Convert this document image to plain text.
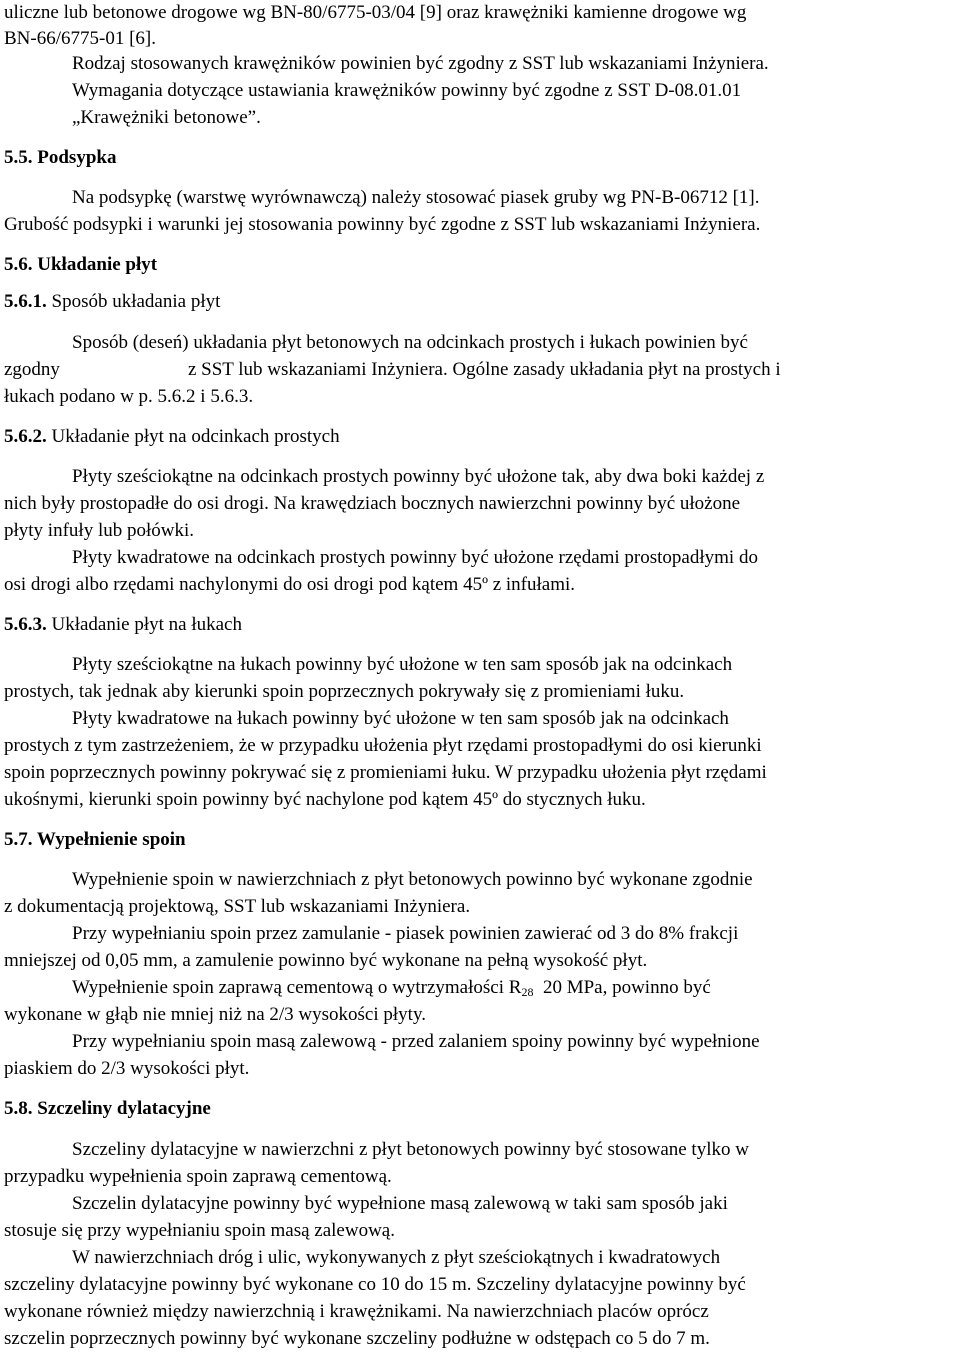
uliczne lub betonowe drogowe wg BN-80/6775-03/04 [9] oraz krawężniki kamienne drogowe wg
BN-66/6775-01 [6].
Rodzaj stosowanych krawężników powinien być zgodny z SST lub wskazaniami Inżyniera.
Wymagania dotyczące ustawiania krawężników powinny być zgodne z SST D-08.01.01
„Krawężniki betonowe”.
5.5. Podsypka
Na podsypkę (warstwę wyrównawczą) należy stosować piasek gruby wg PN-B-06712 [1].
Grubość podsypki i warunki jej stosowania powinny być zgodne z SST lub wskazaniami Inżyniera.
5.6. Układanie płyt
5.6.1. Sposób układania płyt
Sposób (deseń) układania płyt betonowych na odcinkach prostych i łukach powinien być
zgodny	z SST lub wskazaniami Inżyniera. Ogólne zasady układania płyt na prostych i
łukach podano w p. 5.6.2 i 5.6.3.
5.6.2. Układanie płyt na odcinkach prostych
Płyty sześciokątne na odcinkach prostych powinny być ułożone tak, aby dwa boki każdej z
nich były prostopadłe do osi drogi. Na krawędziach bocznych nawierzchni powinny być ułożone
płyty infuły lub połówki.
Płyty kwadratowe na odcinkach prostych powinny być ułożone rzędami prostopadłymi do
osi drogi albo rzędami nachylonymi do osi drogi pod kątem 45º z infułami.
5.6.3. Układanie płyt na łukach
Płyty sześciokątne na łukach powinny być ułożone w ten sam sposób jak na odcinkach
prostych, tak jednak aby kierunki spoin poprzecznych pokrywały się z promieniami łuku.
Płyty kwadratowe na łukach powinny być ułożone w ten sam sposób jak na odcinkach
prostych z tym zastrzeżeniem, że w przypadku ułożenia płyt rzędami prostopadłymi do osi kierunki
spoin poprzecznych powinny pokrywać się z promieniami łuku. W przypadku ułożenia płyt rzędami
ukośnymi, kierunki spoin powinny być nachylone pod kątem 45º do stycznych łuku.
5.7. Wypełnienie spoin
Wypełnienie spoin w nawierzchniach z płyt betonowych powinno być wykonane zgodnie
z dokumentacją projektową, SST lub wskazaniami Inżyniera.
Przy wypełnianiu spoin przez zamulanie - piasek powinien zawierać od 3 do 8% frakcji
mniejszej od 0,05 mm, a zamulenie powinno być wykonane na pełną wysokość płyt.
Wypełnienie spoin zaprawą cementową o wytrzymałości $R_{28}$  20 MPa, powinno być
wykonane w głąb nie mniej niż na 2/3 wysokości płyty.
Przy wypełnianiu spoin masą zalewową - przed zalaniem spoiny powinny być wypełnione
piaskiem do 2/3 wysokości płyt.
5.8. Szczeliny dylatacyjne
Szczeliny dylatacyjne w nawierzchni z płyt betonowych powinny być stosowane tylko w
przypadku wypełnienia spoin zaprawą cementową.
Szczelin dylatacyjne powinny być wypełnione masą zalewową w taki sam sposób jaki
stosuje się przy wypełnianiu spoin masą zalewową.
W nawierzchniach dróg i ulic, wykonywanych z płyt sześciokątnych i kwadratowych
szczeliny dylatacyjne powinny być wykonane co 10 do 15 m. Szczeliny dylatacyjne powinny być
wykonane również między nawierzchnią i krawężnikami. Na nawierzchniach placów oprócz
szczelin poprzecznych powinny być wykonane szczeliny podłużne w odstępach co 5 do 7 m.
